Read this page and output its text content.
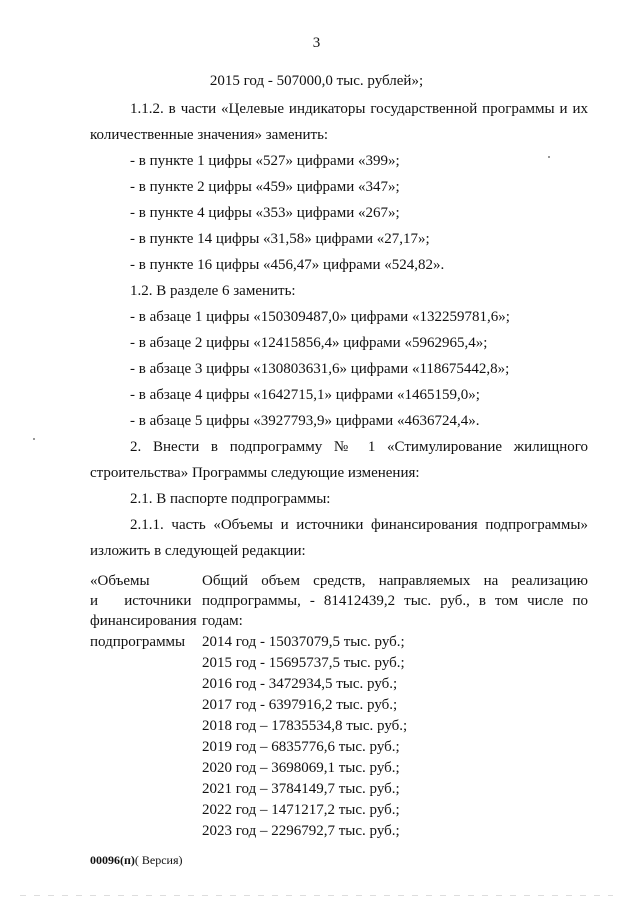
3
2015 год - 507000,0 тыс. рублей»;
1.1.2. в части «Целевые индикаторы государственной программы и их
количественные значения» заменить:
- в пункте 1 цифры «527» цифрами «399»;
- в пункте 2 цифры «459» цифрами «347»;
- в пункте 4 цифры «353» цифрами «267»;
- в пункте 14 цифры «31,58» цифрами «27,17»;
- в пункте 16 цифры «456,47» цифрами «524,82».
1.2. В разделе 6 заменить:
- в абзаце 1 цифры «150309487,0» цифрами «132259781,6»;
- в абзаце 2 цифры «12415856,4» цифрами «5962965,4»;
- в абзаце 3 цифры «130803631,6» цифрами «118675442,8»;
- в абзаце 4 цифры «1642715,1» цифрами «1465159,0»;
- в абзаце 5 цифры «3927793,9» цифрами «4636724,4».
2. Внести в подпрограмму № 1 «Стимулирование жилищного
строительства» Программы следующие изменения:
2.1. В паспорте подпрограммы:
2.1.1. часть «Объемы и источники финансирования подпрограммы»
изложить в следующей редакции:
«Объемы
и       источники
финансирования
подпрограммы
Общий объем средств, направляемых на реализацию
подпрограммы, - 81412439,2 тыс. руб., в том числе по
годам:
2014 год - 15037079,5 тыс. руб.;
2015 год - 15695737,5 тыс. руб.;
2016 год - 3472934,5 тыс. руб.;
2017 год - 6397916,2 тыс. руб.;
2018 год – 17835534,8 тыс. руб.;
2019 год – 6835776,6 тыс. руб.;
2020 год – 3698069,1 тыс. руб.;
2021 год – 3784149,7 тыс. руб.;
2022 год – 1471217,2 тыс. руб.;
2023 год – 2296792,7 тыс. руб.;
00096(п)( Версия)
